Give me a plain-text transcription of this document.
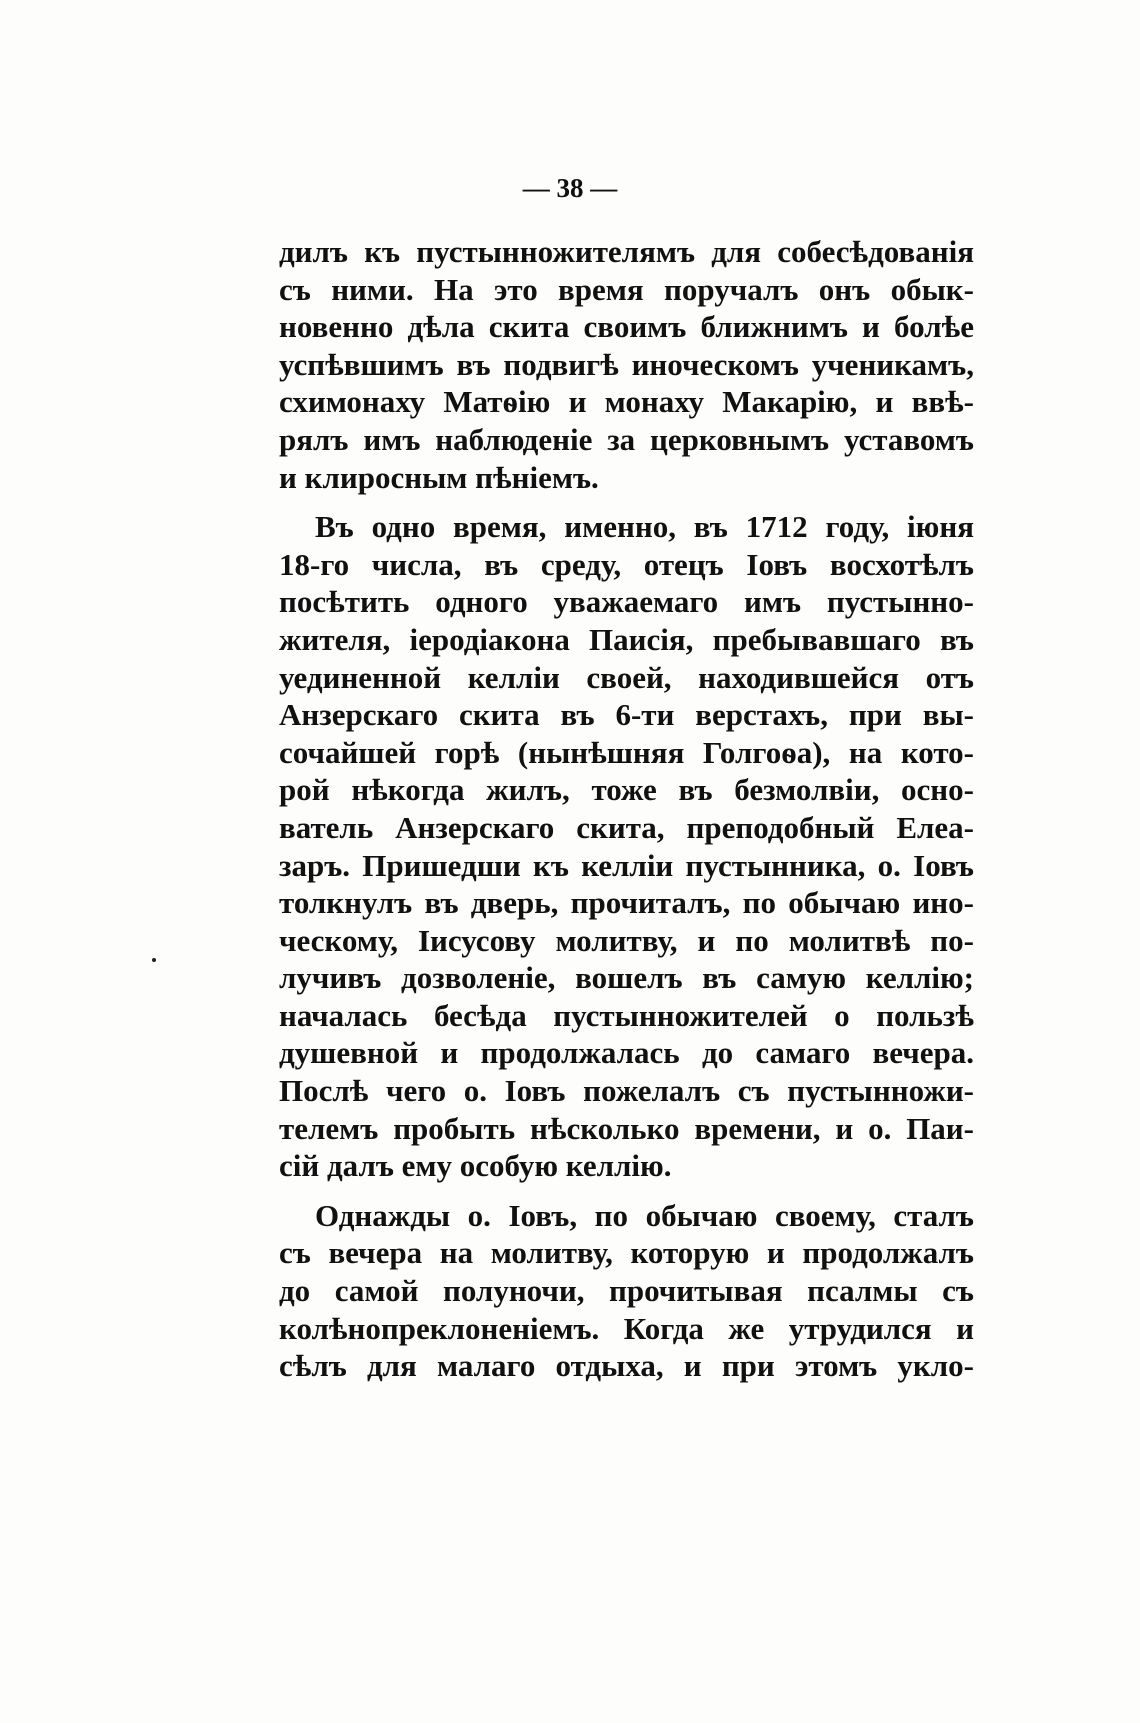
— 38 —
дилъ къ пустынножителямъ для собесѣдованія
съ ними. На это время поручалъ онъ обык-
новенно дѣла скита своимъ ближнимъ и болѣе
успѣвшимъ въ подвигѣ иноческомъ ученикамъ,
схимонаху Матѳію и монаху Макарію, и ввѣ-
рялъ имъ наблюденіе за церковнымъ уставомъ
и клиросным пѣніемъ.
Въ одно время, именно, въ 1712 году, іюня
18-го числа, въ среду, отецъ Іовъ восхотѣлъ
посѣтить одного уважаемаго имъ пустынно-
жителя, іеродіакона Паисія, пребывавшаго въ
уединенной келліи своей, находившейся отъ
Анзерскаго скита въ 6-ти верстахъ, при вы-
сочайшей горѣ (нынѣшняя Голгоѳа), на кото-
рой нѣкогда жилъ, тоже въ безмолвіи, осно-
ватель Анзерскаго скита, преподобный Елеа-
заръ. Пришедши къ келліи пустынника, о. Іовъ
толкнулъ въ дверь, прочиталъ, по обычаю ино-
ческому, Іисусову молитву, и по молитвѣ по-
лучивъ дозволеніе, вошелъ въ самую келлію;
началась бесѣда пустынножителей о пользѣ
душевной и продолжалась до самаго вечера.
Послѣ чего о. Іовъ пожелалъ съ пустынножи-
телемъ пробыть нѣсколько времени, и о. Паи-
сій далъ ему особую келлію.
Однажды о. Іовъ, по обычаю своему, сталъ
съ вечера на молитву, которую и продолжалъ
до самой полуночи, прочитывая псалмы съ
колѣнопреклоненіемъ. Когда же утрудился и
сѣлъ для малаго отдыха, и при этомъ укло-
